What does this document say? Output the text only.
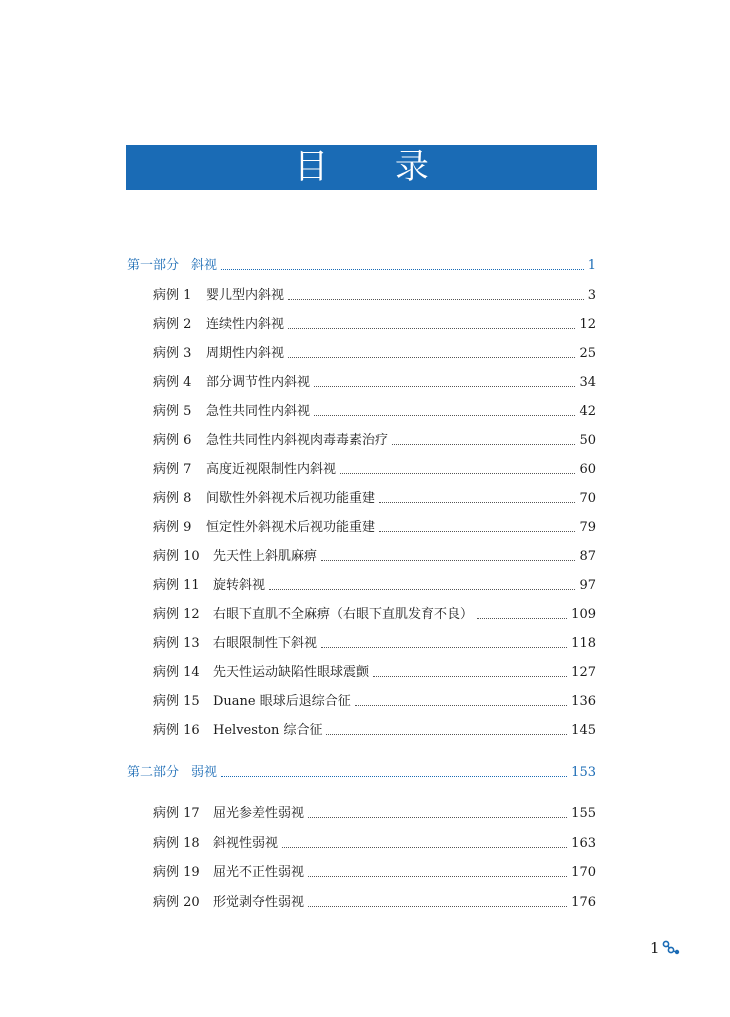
目 录
第一部分 斜视	1
病例 1	婴儿型内斜视	3
病例 2	连续性内斜视	12
病例 3	周期性内斜视	25
病例 4	部分调节性内斜视	34
病例 5	急性共同性内斜视	42
病例 6	急性共同性内斜视肉毒毒素治疗	50
病例 7	高度近视限制性内斜视	60
病例 8	间歇性外斜视术后视功能重建	70
病例 9	恒定性外斜视术后视功能重建	79
病例 10	先天性上斜肌麻痹	87
病例 11	旋转斜视	97
病例 12	右眼下直肌不全麻痹（右眼下直肌发育不良）	109
病例 13	右眼限制性下斜视	118
病例 14	先天性运动缺陷性眼球震颤	127
病例 15	Duane 眼球后退综合征	136
病例 16	Helveston 综合征	145
第二部分 弱视	153
病例 17	屈光参差性弱视	155
病例 18	斜视性弱视	163
病例 19	屈光不正性弱视	170
病例 20	形觉剥夺性弱视	176
1
